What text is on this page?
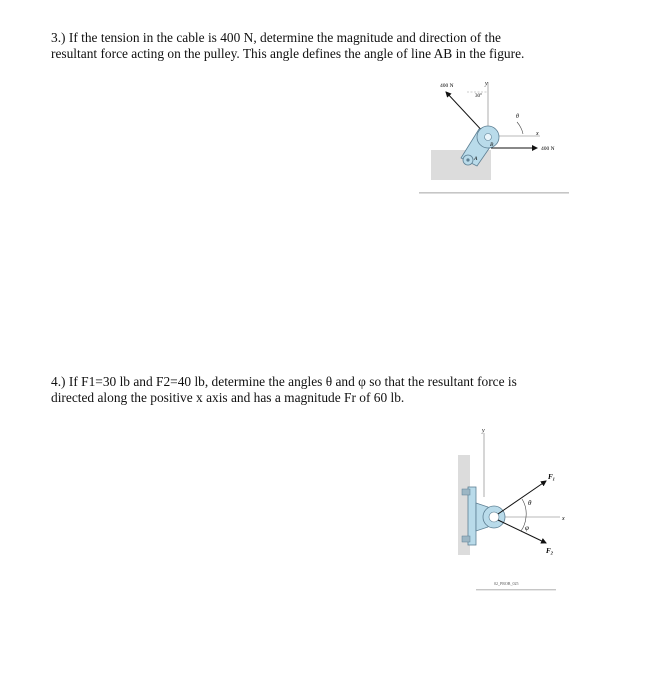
3.) If the tension in the cable is 400 N, determine the magnitude and direction of the
resultant force acting on the pulley. This angle defines the angle of line AB in the figure.
400 N
30°
y
x
θ
400 N
A
B
4.) If F1=30 lb and F2=40 lb, determine the angles θ and φ so that the resultant force is
directed along the positive x axis and has a magnitude Fr of 60 lb.
y
x
$F_1$
$F_2$
θ
φ
02_PROB_025
